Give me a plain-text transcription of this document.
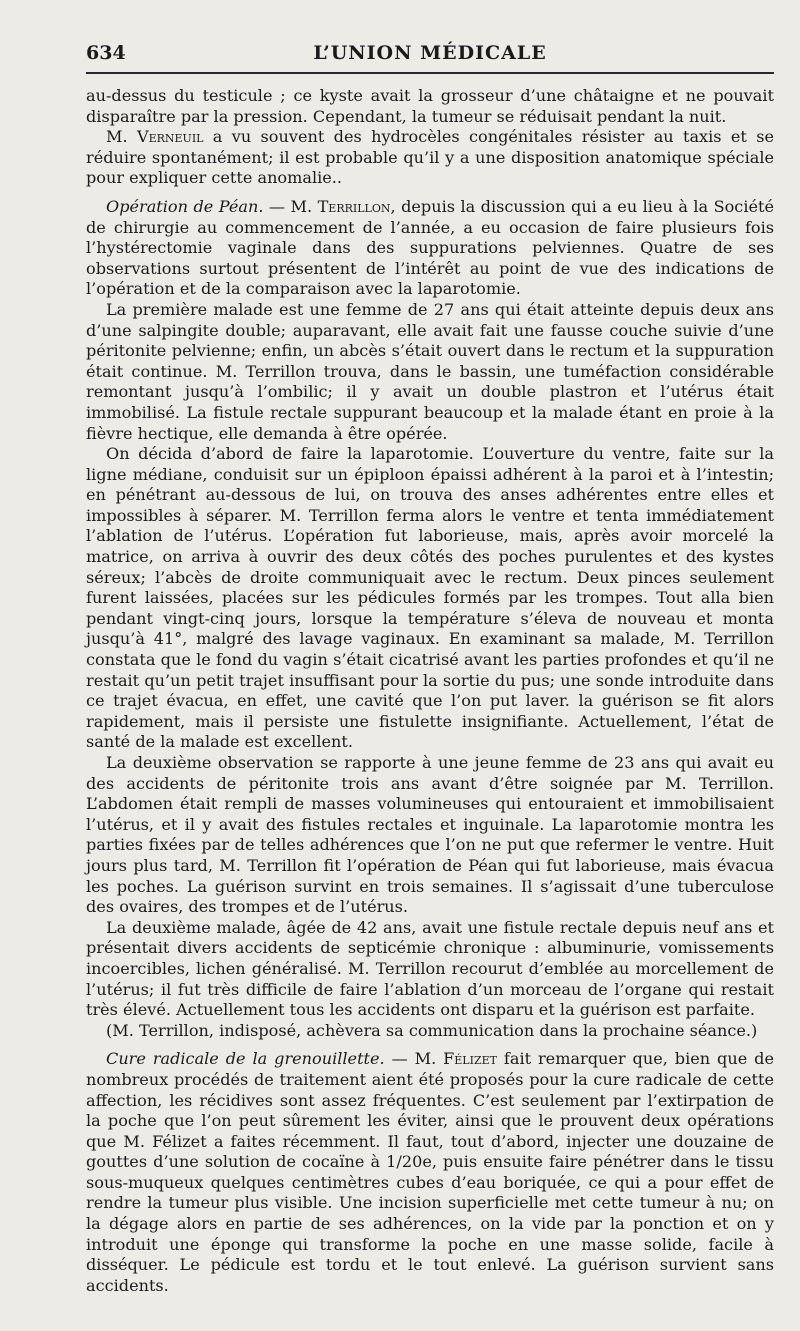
634	L’UNION MÉDICALE

au-dessus du testicule ; ce kyste avait la grosseur d’une châtaigne et ne pouvait disparaître par la pression. Cependant, la tumeur se réduisait pendant la nuit.

M. Verneuil a vu souvent des hydrocèles congénitales résister au taxis et se réduire spontanément; il est probable qu’il y a une disposition anatomique spéciale pour expliquer cette anomalie..

Opération de Péan. — M. Terrillon, depuis la discussion qui a eu lieu à la Société de chirurgie au commencement de l’année, a eu occasion de faire plusieurs fois l’hystérectomie vaginale dans des suppurations pelviennes. Quatre de ses observations surtout présentent de l’intérêt au point de vue des indications de l’opération et de la comparaison avec la laparotomie.

La première malade est une femme de 27 ans qui était atteinte depuis deux ans d’une salpingite double; auparavant, elle avait fait une fausse couche suivie d’une péritonite pelvienne; enfin, un abcès s’était ouvert dans le rectum et la suppuration était continue. M. Terrillon trouva, dans le bassin, une tuméfaction considérable remontant jusqu’à l’ombilic; il y avait un double plastron et l’utérus était immobilisé. La fistule rectale suppurant beaucoup et la malade étant en proie à la fièvre hectique, elle demanda à être opérée.

On décida d’abord de faire la laparotomie. L’ouverture du ventre, faite sur la ligne médiane, conduisit sur un épiploon épaissi adhérent à la paroi et à l’intestin; en pénétrant au-dessous de lui, on trouva des anses adhérentes entre elles et impossibles à séparer. M. Terrillon ferma alors le ventre et tenta immédiatement l’ablation de l’utérus. L’opération fut laborieuse, mais, après avoir morcelé la matrice, on arriva à ouvrir des deux côtés des poches purulentes et des kystes séreux; l’abcès de droite communiquait avec le rectum. Deux pinces seulement furent laissées, placées sur les pédicules formés par les trompes. Tout alla bien pendant vingt-cinq jours, lorsque la température s’éleva de nouveau et monta jusqu’à 41°, malgré des lavage vaginaux. En examinant sa malade, M. Terrillon constata que le fond du vagin s’était cicatrisé avant les parties profondes et qu’il ne restait qu’un petit trajet insuffisant pour la sortie du pus; une sonde introduite dans ce trajet évacua, en effet, une cavité que l’on put laver. la guérison se fit alors rapidement, mais il persiste une fistulette insignifiante. Actuellement, l’état de santé de la malade est excellent.

La deuxième observation se rapporte à une jeune femme de 23 ans qui avait eu des accidents de péritonite trois ans avant d’être soignée par M. Terrillon. L’abdomen était rempli de masses volumineuses qui entouraient et immobilisaient l’utérus, et il y avait des fistules rectales et inguinale. La laparotomie montra les parties fixées par de telles adhérences que l’on ne put que refermer le ventre. Huit jours plus tard, M. Terrillon fit l’opération de Péan qui fut laborieuse, mais évacua les poches. La guérison survint en trois semaines. Il s’agissait d’une tuberculose des ovaires, des trompes et de l’utérus.

La deuxième malade, âgée de 42 ans, avait une fistule rectale depuis neuf ans et présentait divers accidents de septicémie chronique : albuminurie, vomissements incoercibles, lichen généralisé. M. Terrillon recourut d’emblée au morcellement de l’utérus; il fut très difficile de faire l’ablation d’un morceau de l’organe qui restait très élevé. Actuellement tous les accidents ont disparu et la guérison est parfaite.

(M. Terrillon, indisposé, achèvera sa communication dans la prochaine séance.)

Cure radicale de la grenouillette. — M. Félizet fait remarquer que, bien que de nombreux procédés de traitement aient été proposés pour la cure radicale de cette affection, les récidives sont assez fréquentes. C’est seulement par l’extirpation de la poche que l’on peut sûrement les éviter, ainsi que le prouvent deux opérations que M. Félizet a faites récemment. Il faut, tout d’abord, injecter une douzaine de gouttes d’une solution de cocaïne à 1/20e, puis ensuite faire pénétrer dans le tissu sous-muqueux quelques centimètres cubes d’eau boriquée, ce qui a pour effet de rendre la tumeur plus visible. Une incision superficielle met cette tumeur à nu; on la dégage alors en partie de ses adhérences, on la vide par la ponction et on y introduit une éponge qui transforme la poche en une masse solide, facile à disséquer. Le pédicule est tordu et le tout enlevé. La guérison survient sans accidents.
